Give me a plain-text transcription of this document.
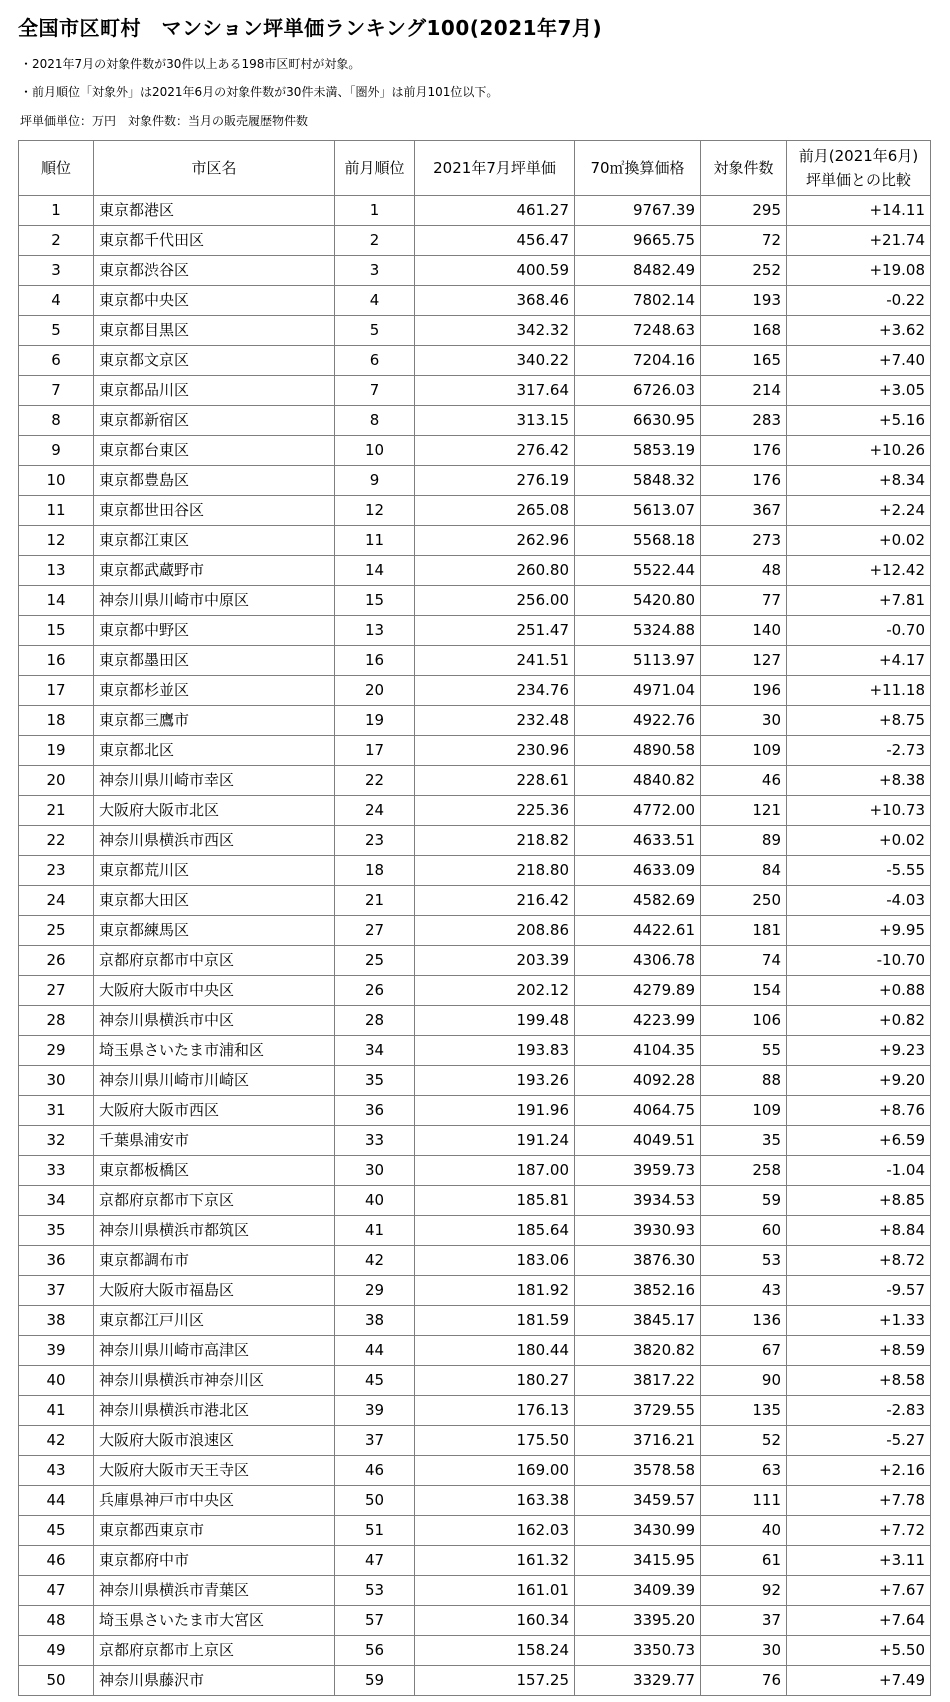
全国市区町村　マンション坪単価ランキング100(2021年7月)
・2021年7月の対象件数が30件以上ある198市区町村が対象。
・前月順位「対象外」は2021年6月の対象件数が30件未満、「圏外」は前月101位以下。
坪単価単位：万円　対象件数：当月の販売履歴物件数
順位	市区名	前月順位	2021年7月坪単価	70㎡換算価格	対象件数	前月(2021年6月)
坪単価との比較

1	東京都港区	1	461.27	9767.39	295	+14.11
2	東京都千代田区	2	456.47	9665.75	72	+21.74
3	東京都渋谷区	3	400.59	8482.49	252	+19.08
4	東京都中央区	4	368.46	7802.14	193	-0.22
5	東京都目黒区	5	342.32	7248.63	168	+3.62
6	東京都文京区	6	340.22	7204.16	165	+7.40
7	東京都品川区	7	317.64	6726.03	214	+3.05
8	東京都新宿区	8	313.15	6630.95	283	+5.16
9	東京都台東区	10	276.42	5853.19	176	+10.26
10	東京都豊島区	9	276.19	5848.32	176	+8.34
11	東京都世田谷区	12	265.08	5613.07	367	+2.24
12	東京都江東区	11	262.96	5568.18	273	+0.02
13	東京都武蔵野市	14	260.80	5522.44	48	+12.42
14	神奈川県川崎市中原区	15	256.00	5420.80	77	+7.81
15	東京都中野区	13	251.47	5324.88	140	-0.70
16	東京都墨田区	16	241.51	5113.97	127	+4.17
17	東京都杉並区	20	234.76	4971.04	196	+11.18
18	東京都三鷹市	19	232.48	4922.76	30	+8.75
19	東京都北区	17	230.96	4890.58	109	-2.73
20	神奈川県川崎市幸区	22	228.61	4840.82	46	+8.38
21	大阪府大阪市北区	24	225.36	4772.00	121	+10.73
22	神奈川県横浜市西区	23	218.82	4633.51	89	+0.02
23	東京都荒川区	18	218.80	4633.09	84	-5.55
24	東京都大田区	21	216.42	4582.69	250	-4.03
25	東京都練馬区	27	208.86	4422.61	181	+9.95
26	京都府京都市中京区	25	203.39	4306.78	74	-10.70
27	大阪府大阪市中央区	26	202.12	4279.89	154	+0.88
28	神奈川県横浜市中区	28	199.48	4223.99	106	+0.82
29	埼玉県さいたま市浦和区	34	193.83	4104.35	55	+9.23
30	神奈川県川崎市川崎区	35	193.26	4092.28	88	+9.20
31	大阪府大阪市西区	36	191.96	4064.75	109	+8.76
32	千葉県浦安市	33	191.24	4049.51	35	+6.59
33	東京都板橋区	30	187.00	3959.73	258	-1.04
34	京都府京都市下京区	40	185.81	3934.53	59	+8.85
35	神奈川県横浜市都筑区	41	185.64	3930.93	60	+8.84
36	東京都調布市	42	183.06	3876.30	53	+8.72
37	大阪府大阪市福島区	29	181.92	3852.16	43	-9.57
38	東京都江戸川区	38	181.59	3845.17	136	+1.33
39	神奈川県川崎市高津区	44	180.44	3820.82	67	+8.59
40	神奈川県横浜市神奈川区	45	180.27	3817.22	90	+8.58
41	神奈川県横浜市港北区	39	176.13	3729.55	135	-2.83
42	大阪府大阪市浪速区	37	175.50	3716.21	52	-5.27
43	大阪府大阪市天王寺区	46	169.00	3578.58	63	+2.16
44	兵庫県神戸市中央区	50	163.38	3459.57	111	+7.78
45	東京都西東京市	51	162.03	3430.99	40	+7.72
46	東京都府中市	47	161.32	3415.95	61	+3.11
47	神奈川県横浜市青葉区	53	161.01	3409.39	92	+7.67
48	埼玉県さいたま市大宮区	57	160.34	3395.20	37	+7.64
49	京都府京都市上京区	56	158.24	3350.73	30	+5.50
50	神奈川県藤沢市	59	157.25	3329.77	76	+7.49
